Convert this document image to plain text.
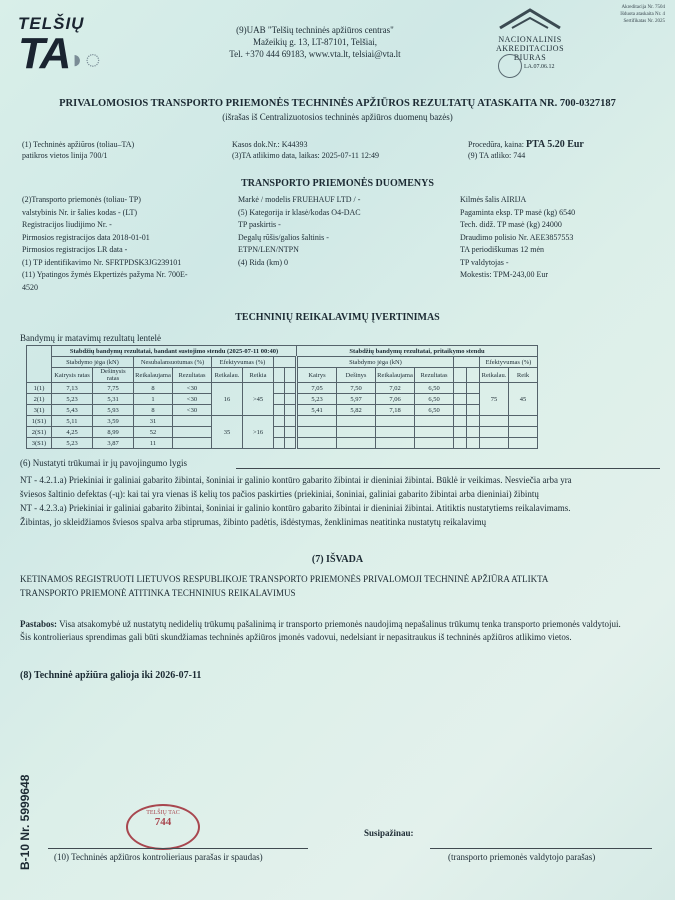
TELŠIŲ
TA◗◌
(9)UAB "Telšių techninės apžiūros centras"
Mažeikių g. 13, LT-87101, Telšiai,
Tel. +370 444 69183, www.vta.lt, telsiai@vta.lt
NACIONALINIS
AKREDITACIJOS BIURAS
LA.07.06.12
Akreditacija Nr. 7504
Išduota ataskaita Nr. 4
Sertifikatas Nr. 2025
PRIVALOMOSIOS TRANSPORTO PRIEMONĖS TECHNINĖS APŽIŪROS REZULTATŲ ATASKAITA NR. 700-0327187
(išrašas iš Centralizuotosios techninės apžiūros duomenų bazės)
(1) Techninės apžiūros (toliau–TA)
patikros vietos linija 700/1
Kasos dok.Nr.: K44393
(3)TA atlikimo data, laikas: 2025-07-11 12:49
Procedūra, kaina: PTA 5.20 Eur
(9) TA atliko: 744
TRANSPORTO PRIEMONĖS DUOMENYS
(2)Transporto priemonės (toliau- TP)
valstybinis Nr. ir šalies kodas - (LT)
Registracijos liudijimo Nr. -
Pirmosios registracijos data 2018-01-01
Pirmosios registracijos LR data -
(1) TP identifikavimo Nr. SFRTPDSK3JG239101
(11) Ypatingos žymės Ekpertizės pažyma Nr. 700E-
4520
Markė / modelis FRUEHAUF LTD / -
(5) Kategorija ir klasė/kodas O4-DAC
TP paskirtis -
Degalų rūšis/galios šaltinis -
ETPN/LEN/NTPN
(4) Rida (km) 0
Kilmės šalis AIRIJA
Pagaminta eksp. TP masė (kg) 6540
Tech. didž. TP masė (kg) 24000
Draudimo polisio Nr. AEE3857553
TA periodiškumas 12 mėn
TP valdytojas -
Mokestis: TPM-243,00 Eur
TECHNINIŲ REIKALAVIMŲ ĮVERTINIMAS
Bandymų ir matavimų rezultatų lentelė
	Stabdžių bandymų rezultatai, bandant sustojimo stendu (2025-07-11 00:40)								Stabdžių bandymų rezultatai, pritaikymo stendu							
	Stabdymo jėga (kN)		Nesubalansuotumas (%)		Efektyvumas (%)				Stabdymo jėga (kN)						Efektyvumas (%)	
	Kairysis ratas	Dešinysis ratas	Reikalaujama	Rezultatas	Reikalau.	Reikia			Kairys	Dešinys	Reikalaujama	Rezultatas			Reikalau.	Reik
1(1)	7,13	7,75	8	<30	16	>45			7,05	7,50	7,02	6,50			75	45
2(1)	5,23	5,31	1	<30					5,23	5,97	7,06	6,50				
3(1)	5,43	5,93	8	<30					5,41	5,82	7,18	6,50				
1(S1)	5,11	3,59	31		35	>16										
2(S1)	4,25	8,99	52													
3(S1)	5,23	3,87	11													
(6) Nustatyti trūkumai ir jų pavojingumo lygis
NT - 4.2.1.a) Priekiniai ir galiniai gabarito žibintai, šoniniai ir galinio kontūro gabarito žibintai ir dieniniai žibintai. Būklė ir veikimas. Nesviečia arba yra
šviesos šaltinio defektas (-ų): kai tai yra vienas iš kelių tos pačios paskirties (priekiniai, šoniniai, galiniai gabarito žibintai arba dieniniai) žibintų
NT - 4.2.3.a) Priekiniai ir galiniai gabarito žibintai, šoniniai ir galinio kontūro gabarito žibintai ir dieniniai žibintai. Atitiktis nustatytiems reikalavimams.
Žibintas, jo skleidžiamos šviesos spalva arba stiprumas, žibinto padėtis, išdėstymas, ženklinimas neatitinka nustatytų reikalavimų
(7) IŠVADA
KETINAMOS REGISTRUOTI LIETUVOS RESPUBLIKOJE TRANSPORTO PRIEMONĖS PRIVALOMOJI TECHNINĖ APŽIŪRA ATLIKTA
TRANSPORTO PRIEMONĖ ATITINKA TECHNINIUS REIKALAVIMUS
Pastabos: Visa atsakomybė už nustatytų nedidelių trūkumų pašalinimą ir transporto priemonės naudojimą nepašalinus trūkumų tenka transporto priemonės valdytojui.
Šis kontrolieriaus sprendimas gali būti skundžiamas techninės apžiūros įmonės vadovui, nedelsiant ir nepasitraukus iš techninės apžiūros atlikimo vietos.
(8) Techninė apžiūra galioja iki 2026-07-11
B-10 Nr. 5999648	TELŠIŲ TAC
744
Susipažinau:
(10) Techninės apžiūros kontrolieriaus parašas ir spaudas)	(transporto priemonės valdytojo parašas)
